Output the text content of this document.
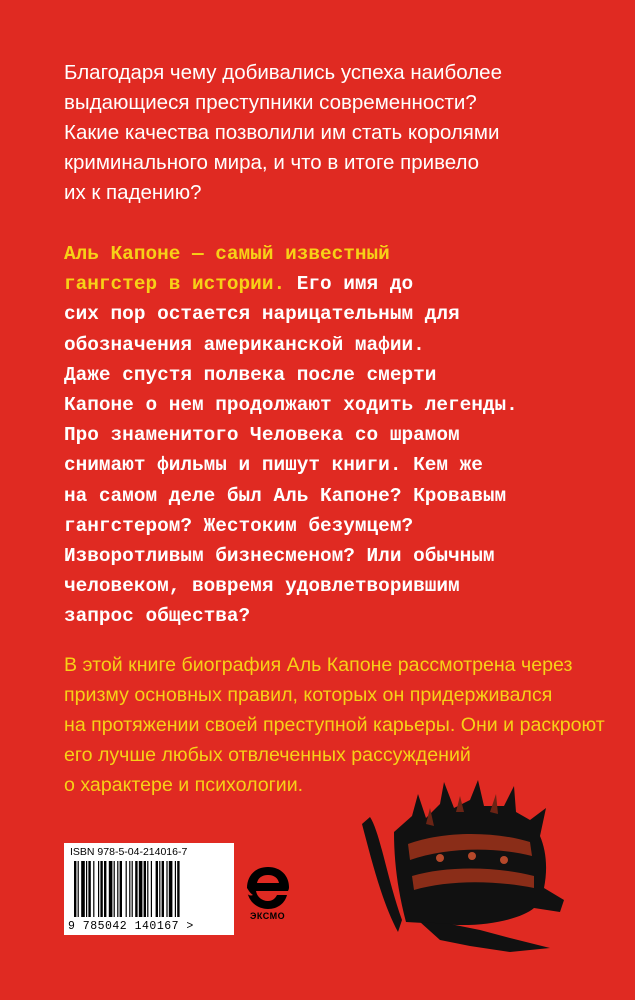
Благодаря чему добивались успеха наиболее
выдающиеся преступники современности?
Какие качества позволили им стать королями
криминального мира, и что в итоге привело
их к падению?
Аль Капоне — самый известный
гангстер в истории. Его имя до
сих пор остается нарицательным для
обозначения американской мафии.
Даже спустя полвека после смерти
Капоне о нем продолжают ходить легенды.
Про знаменитого Человека со шрамом
снимают фильмы и пишут книги. Кем же
на самом деле был Аль Капоне? Кровавым
гангстером? Жестоким безумцем?
Изворотливым бизнесменом? Или обычным
человеком, вовремя удовлетворившим
запрос общества?
В этой книге биография Аль Капоне рассмотрена через
призму основных правил, которых он придерживался
на протяжении своей преступной карьеры. Они и раскроют
его лучше любых отвлеченных рассуждений
о характере и психологии.
ISBN 978-5-04-214016-7
9 785042 140167 >
ЭКСМО
